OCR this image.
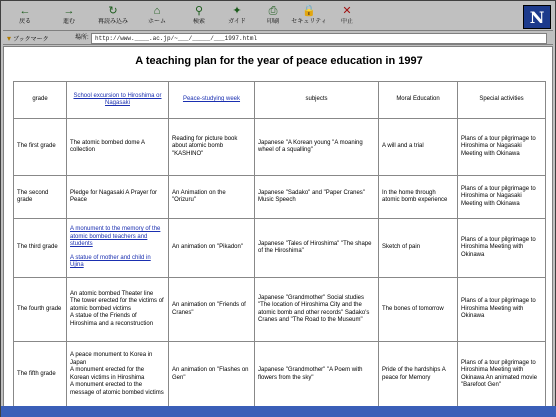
←
戻る
→
進む
↻
再読み込み
⌂
ホーム
⚲
検索
✦
ガイド
⎙
印刷
🔒
セキュリティ
✕
中止	N
▾ ブックマーク	場所:	http://www.____.ac.jp/~___/_____/___1997.html
A teaching plan for the year of peace education in 1997
grade	School excursion to Hiroshima or Nagasaki	Peace-studying week	subjects	Moral Education	Special activities
The first grade	The atomic bombed dome A collection	Reading for picture book about atomic bomb "KASHINO"	Japanese "A Korean young "A moaning wheel of a squalling"	A will and a trial	Plans of a tour pilgrimage to Hiroshima or Nagasaki Meeting with Okinawa
The second grade	Pledge for Nagasaki A Prayer for Peace	An Animation on the "Orizuru"	Japanese "Sadako" and "Paper Cranes" Music Speech	In the home through atomic bomb experience	Plans of a tour pilgrimage to Hiroshima or Nagasaki Meeting with Okinawa
The third grade	A monument to the memory of the atomic bombed teachers and students
A statue of mother and child in Ujina	An animation on "Pikadon"	Japanese "Tales of Hiroshima" "The shape of the Hiroshima"	Sketch of pain	Plans of a tour pilgrimage to Hiroshima Meeting with Okinawa
The fourth grade	An atomic bombed Theater line
The tower erected for the victims of atomic bombed victims
A statue of the Friends of Hiroshima and a reconstruction	An animation on "Friends of Cranes"	Japanese "Grandmother" Social studies "The location of Hiroshima City and the atomic bomb and other records" Sadako's Cranes and "The Road to the Museum"	The bones of tomorrow	Plans of a tour pilgrimage to Hiroshima Meeting with Okinawa
The fifth grade	A peace monument to Korea in Japan
A monument erected for the Korean victims in Hiroshima
A monument erected to the message of atomic bombed victims	An animation on "Flashes on Gen"	Japanese "Grandmother" "A Poem with flowers from the sky"	Pride of the hardships A peace for Memory	Plans of a tour pilgrimage to Hiroshima Meeting with Okinawa An animated movie "Barefoot Gen"
